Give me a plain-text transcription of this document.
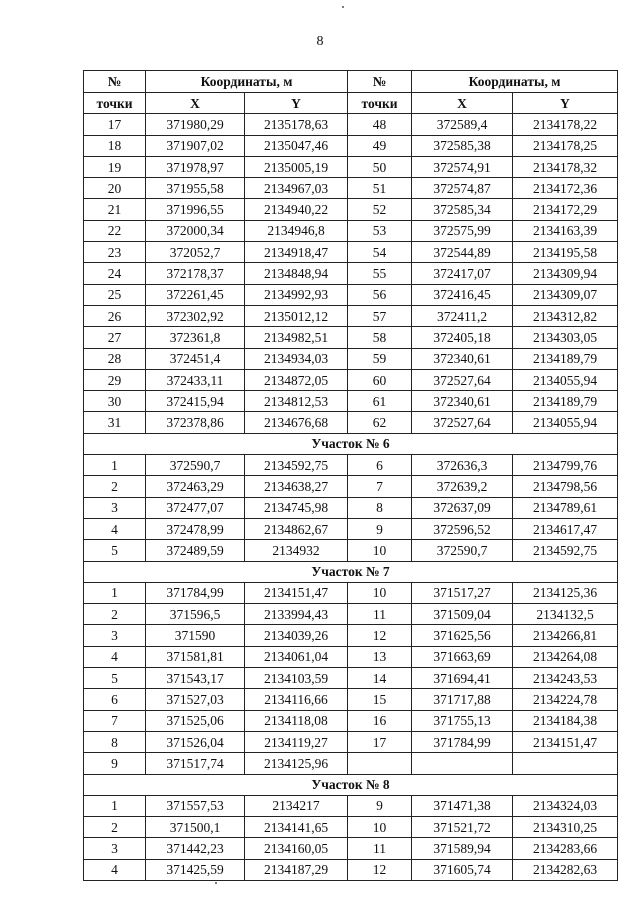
8
№	Координаты, м		№	Координаты, м	
точки	X	Y	точки	X	Y
17	371980,29	2135178,63	48	372589,4	2134178,22
18	371907,02	2135047,46	49	372585,38	2134178,25
19	371978,97	2135005,19	50	372574,91	2134178,32
20	371955,58	2134967,03	51	372574,87	2134172,36
21	371996,55	2134940,22	52	372585,34	2134172,29
22	372000,34	2134946,8	53	372575,99	2134163,39
23	372052,7	2134918,47	54	372544,89	2134195,58
24	372178,37	2134848,94	55	372417,07	2134309,94
25	372261,45	2134992,93	56	372416,45	2134309,07
26	372302,92	2135012,12	57	372411,2	2134312,82
27	372361,8	2134982,51	58	372405,18	2134303,05
28	372451,4	2134934,03	59	372340,61	2134189,79
29	372433,11	2134872,05	60	372527,64	2134055,94
30	372415,94	2134812,53	61	372340,61	2134189,79
31	372378,86	2134676,68	62	372527,64	2134055,94
Участок № 6					
1	372590,7	2134592,75	6	372636,3	2134799,76
2	372463,29	2134638,27	7	372639,2	2134798,56
3	372477,07	2134745,98	8	372637,09	2134789,61
4	372478,99	2134862,67	9	372596,52	2134617,47
5	372489,59	2134932	10	372590,7	2134592,75
Участок № 7					
1	371784,99	2134151,47	10	371517,27	2134125,36
2	371596,5	2133994,43	11	371509,04	2134132,5
3	371590	2134039,26	12	371625,56	2134266,81
4	371581,81	2134061,04	13	371663,69	2134264,08
5	371543,17	2134103,59	14	371694,41	2134243,53
6	371527,03	2134116,66	15	371717,88	2134224,78
7	371525,06	2134118,08	16	371755,13	2134184,38
8	371526,04	2134119,27	17	371784,99	2134151,47
9	371517,74	2134125,96			
Участок № 8					
1	371557,53	2134217	9	371471,38	2134324,03
2	371500,1	2134141,65	10	371521,72	2134310,25
3	371442,23	2134160,05	11	371589,94	2134283,66
4	371425,59	2134187,29	12	371605,74	2134282,63
